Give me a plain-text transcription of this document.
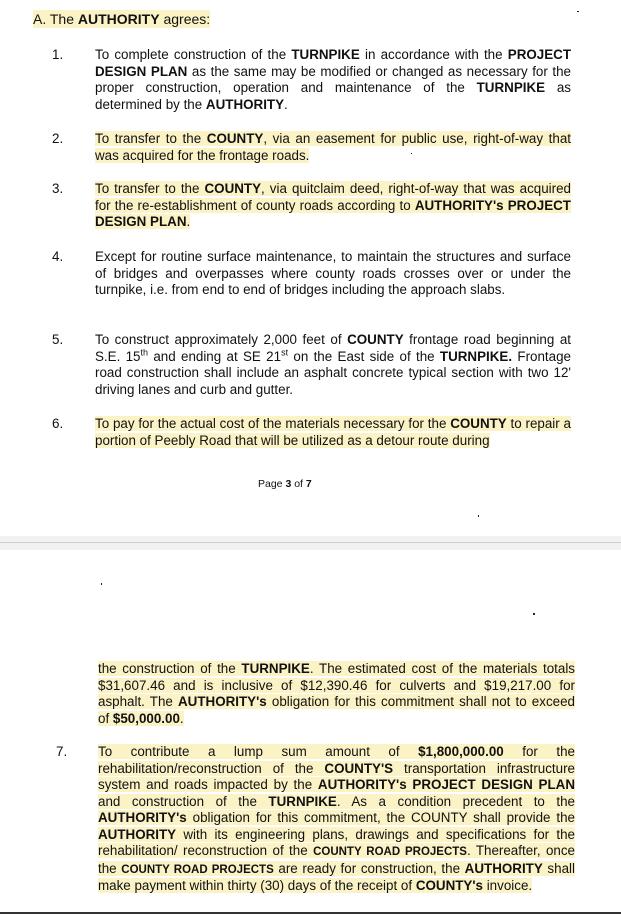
A. The AUTHORITY agrees:
1. To complete construction of the TURNPIKE in accordance with the PROJECT DESIGN PLAN as the same may be modified or changed as necessary for the proper construction, operation and maintenance of the TURNPIKE as determined by the AUTHORITY.
2. To transfer to the COUNTY, via an easement for public use, right-of-way that was acquired for the frontage roads.
3. To transfer to the COUNTY, via quitclaim deed, right-of-way that was acquired for the re-establishment of county roads according to AUTHORITY's PROJECT DESIGN PLAN.
4. Except for routine surface maintenance, to maintain the structures and surface of bridges and overpasses where county roads crosses over or under the turnpike, i.e. from end to end of bridges including the approach slabs.
5. To construct approximately 2,000 feet of COUNTY frontage road beginning at S.E. 15th and ending at SE 21st on the East side of the TURNPIKE. Frontage road construction shall include an asphalt concrete typical section with two 12' driving lanes and curb and gutter.
6. To pay for the actual cost of the materials necessary for the COUNTY to repair a portion of Peebly Road that will be utilized as a detour route during
Page 3 of 7
the construction of the TURNPIKE. The estimated cost of the materials totals $31,607.46 and is inclusive of $12,390.46 for culverts and $19,217.00 for asphalt. The AUTHORITY's obligation for this commitment shall not to exceed of $50,000.00.
7. To contribute a lump sum amount of $1,800,000.00 for the rehabilitation/reconstruction of the COUNTY'S transportation infrastructure system and roads impacted by the AUTHORITY's PROJECT DESIGN PLAN and construction of the TURNPIKE. As a condition precedent to the AUTHORITY's obligation for this commitment, the COUNTY shall provide the AUTHORITY with its engineering plans, drawings and specifications for the rehabilitation/ reconstruction of the COUNTY ROAD PROJECTS. Thereafter, once the COUNTY ROAD PROJECTS are ready for construction, the AUTHORITY shall make payment within thirty (30) days of the receipt of COUNTY's invoice.
